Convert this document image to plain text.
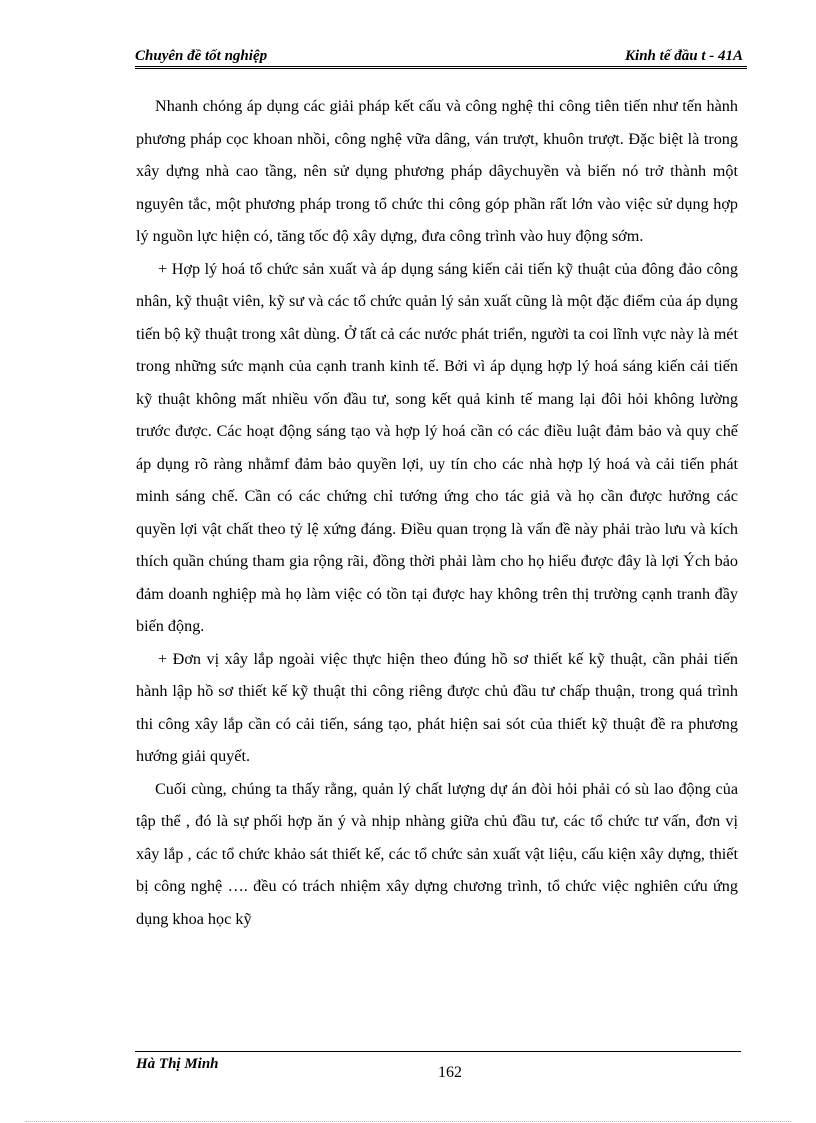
Chuyên đề tốt nghiệp	Kinh tế đầu t - 41A

Nhanh chóng áp dụng các giải pháp kết cấu và công nghệ thi công tiên tiến như tến hành phương pháp cọc khoan nhồi, công nghệ vữa dâng, ván trượt, khuôn trượt. Đặc biệt là trong xây dựng nhà cao tầng, nên sử dụng phương pháp dâychuyền và biến nó trở thành một nguyên tắc, một phương pháp trong tổ chức thi công góp phần rất lớn vào việc sử dụng hợp lý nguồn lực hiện có, tăng tốc độ xây dựng, đưa công trình vào huy động sớm.

+ Hợp lý hoá tổ chức sản xuất và áp dụng sáng kiến cải tiến kỹ thuật của đông đảo công nhân, kỹ thuật viên, kỹ sư và các tổ chức quản lý sản xuất cũng là một đặc điểm của áp dụng tiến bộ kỹ thuật trong xât dùng. Ở tất cả các nước phát triển, người ta coi lĩnh vực này là mét trong những sức mạnh của cạnh tranh kinh tế. Bởi vì áp dụng hợp lý hoá sáng kiến cải tiến kỹ thuật không mất nhiều vốn đầu tư, song kết quả kinh tế mang lại đôi hỏi không lường trước được. Các hoạt động sáng tạo và hợp lý hoá cần có các điều luật đảm bảo và quy chế áp dụng rõ ràng nhằmf đảm bảo quyền lợi, uy tín cho các nhà hợp lý hoá và cải tiến phát minh sáng chế. Cần có các chứng chỉ tướng ứng cho tác giả và họ cần được hưởng các quyền lợi vật chất theo tỷ lệ xứng đáng. Điều quan trọng là vấn đề này phải trào lưu và kích thích quần chúng tham gia rộng rãi, đồng thời phải làm cho họ hiểu được đây là lợi Ých bảo đảm doanh nghiệp mà họ làm việc có tồn tại được hay không trên thị trường cạnh tranh đầy biến động.

+ Đơn vị xây lắp ngoài việc thực hiện theo đúng hồ sơ thiết kế kỹ thuật, cần phải tiến hành lập hồ sơ thiết kế kỹ thuật thi công riêng được chủ đầu tư chấp thuận, trong quá trình thi công xây lắp cần có cải tiến, sáng tạo, phát hiện sai sót của thiết kỹ thuật đề ra phương hướng giải quyết.

Cuối cùng, chúng ta thấy rằng, quản lý chất lượng dự án đòi hỏi phải có sù lao động của tập thể , đó là sự phối hợp ăn ý và nhịp nhàng giữa chủ đầu tư, các tổ chức tư vấn, đơn vị xây lắp , các tổ chức khảo sát thiết kế, các tổ chức sản xuất vật liệu, cấu kiện xây dựng, thiết bị công nghệ …. đều có trách nhiệm xây dựng chương trình, tổ chức việc nghiên cứu ứng dụng khoa học kỹ

Hà Thị Minh	162
